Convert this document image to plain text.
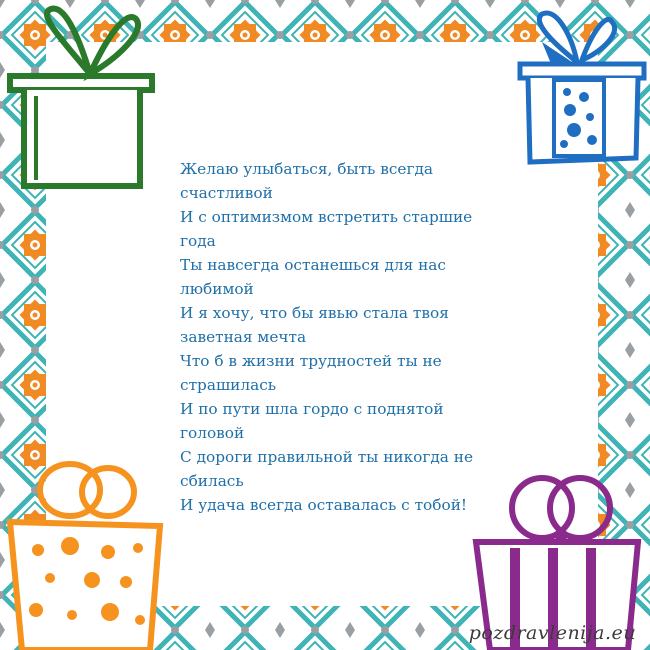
Желаю улыбаться, быть всегда
счастливой
И с оптимизмом встретить старшие
года
Ты навсегда останешься для нас
любимой
И я хочу, что бы явью стала твоя
заветная мечта
Что б в жизни трудностей ты не
страшилась
И по пути шла гордо с поднятой
головой
С дороги правильной ты никогда не
сбилась
И удача всегда оставалась с тобой!
pozdravlenija.eu
